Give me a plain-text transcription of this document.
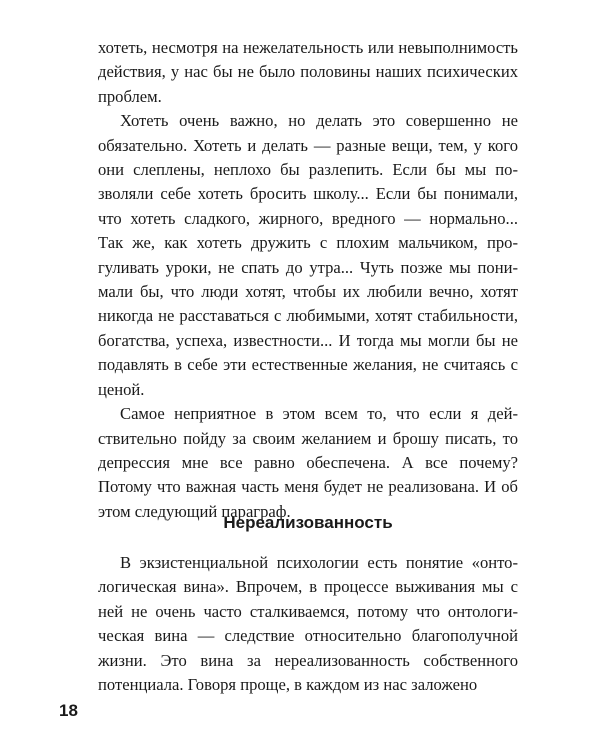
хотеть, несмотря на нежелательность или невыполнимость действия, у нас бы не было половины наших психических проблем.

Хотеть очень важно, но делать это совершенно не обязательно. Хотеть и делать — разные вещи, тем, у кого они слеплены, неплохо бы разлепить. Если бы мы позволяли себе хотеть бросить школу... Если бы понимали, что хотеть сладкого, жирного, вредного — нормально... Так же, как хотеть дружить с плохим мальчиком, прогуливать уроки, не спать до утра... Чуть позже мы понимали бы, что люди хотят, чтобы их любили вечно, хотят никогда не расставаться с любимыми, хотят стабильности, богатства, успеха, известности... И тогда мы могли бы не подавлять в себе эти естественные желания, не считаясь с ценой.

Самое неприятное в этом всем то, что если я действительно пойду за своим желанием и брошу писать, то депрессия мне все равно обеспечена. А все почему? Потому что важная часть меня будет не реализована. И об этом следующий параграф.

Нереализованность

В экзистенциальной психологии есть понятие «онтологическая вина». Впрочем, в процессе выживания мы с ней не очень часто сталкиваемся, потому что онтологическая вина — следствие относительно благополучной жизни. Это вина за нереализованность собственного потенциала. Говоря проще, в каждом из нас заложено

18
